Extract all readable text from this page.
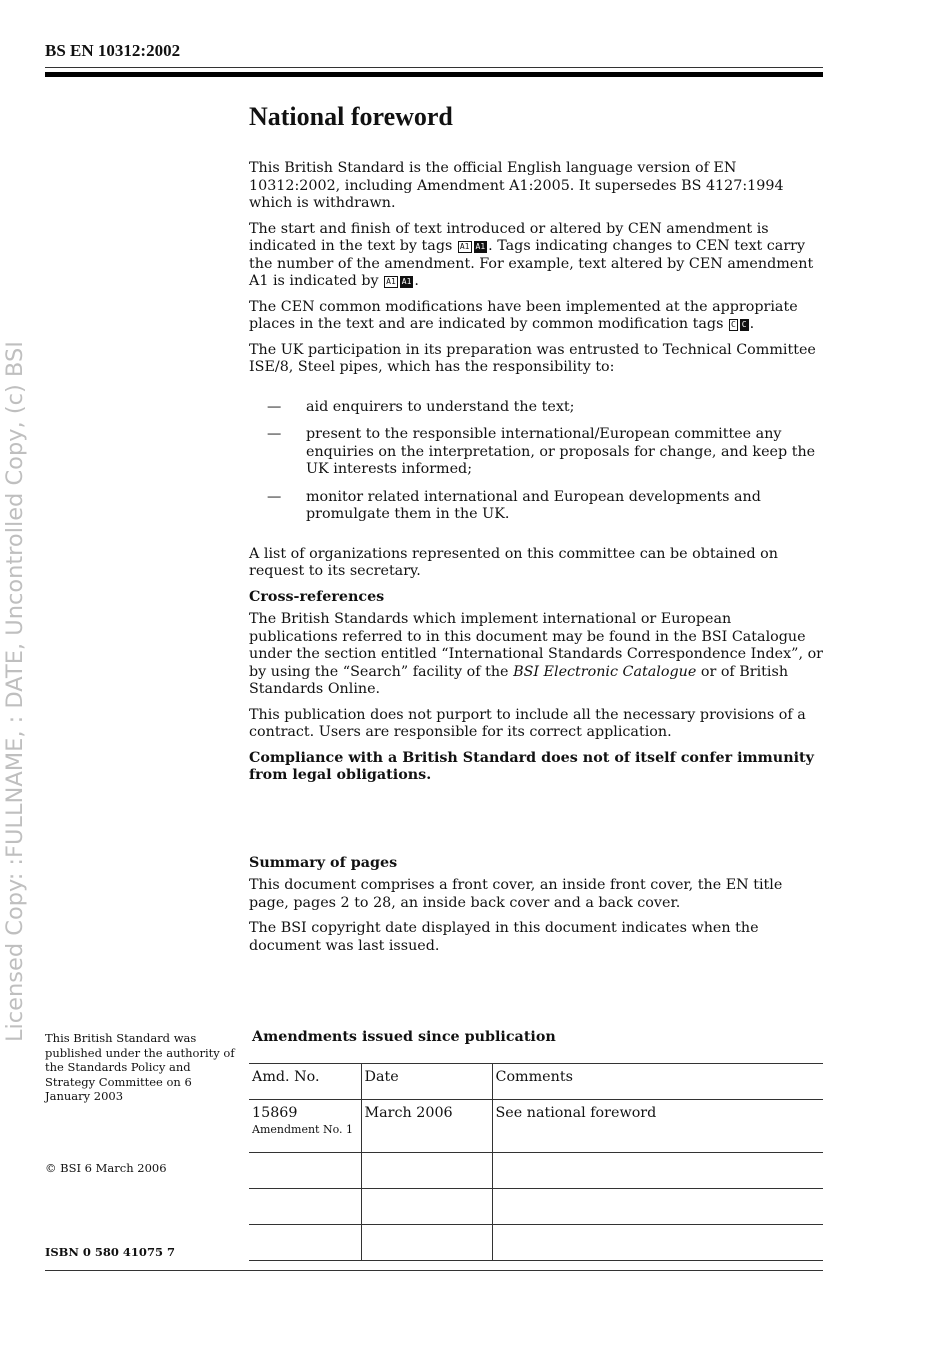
BS EN 10312:2002
Licensed Copy: :FULLNAME, : DATE, Uncontrolled Copy, (c) BSI
National foreword

This British Standard is the official English language version of EN 10312:2002, including Amendment A1:2005. It supersedes BS 4127:1994 which is withdrawn.

The start and finish of text introduced or altered by CEN amendment is indicated in the text by tags A1 A1 . Tags indicating changes to CEN text carry the number of the amendment. For example, text altered by CEN amendment A1 is indicated by A1 A1 .

The CEN common modifications have been implemented at the appropriate places in the text and are indicated by common modification tags C C .

The UK participation in its preparation was entrusted to Technical Committee ISE/8, Steel pipes, which has the responsibility to:

— aid enquirers to understand the text;
— present to the responsible international/European committee any enquiries on the interpretation, or proposals for change, and keep the UK interests informed;
— monitor related international and European developments and promulgate them in the UK.

A list of organizations represented on this committee can be obtained on request to its secretary.

Cross-references

The British Standards which implement international or European publications referred to in this document may be found in the BSI Catalogue under the section entitled “International Standards Correspondence Index”, or by using the “Search” facility of the BSI Electronic Catalogue or of British Standards Online.

This publication does not purport to include all the necessary provisions of a contract. Users are responsible for its correct application.

Compliance with a British Standard does not of itself confer immunity from legal obligations.

Summary of pages

This document comprises a front cover, an inside front cover, the EN title page, pages 2 to 28, an inside back cover and a back cover.

The BSI copyright date displayed in this document indicates when the document was last issued.

This British Standard was published under the authority of the Standards Policy and Strategy Committee on 6 January 2003
© BSI 6 March 2006
ISBN 0 580 41075 7
Amendments issued since publication
Amd. No.	Date	Comments
15869
Amendment No. 1	March 2006	See national foreword
